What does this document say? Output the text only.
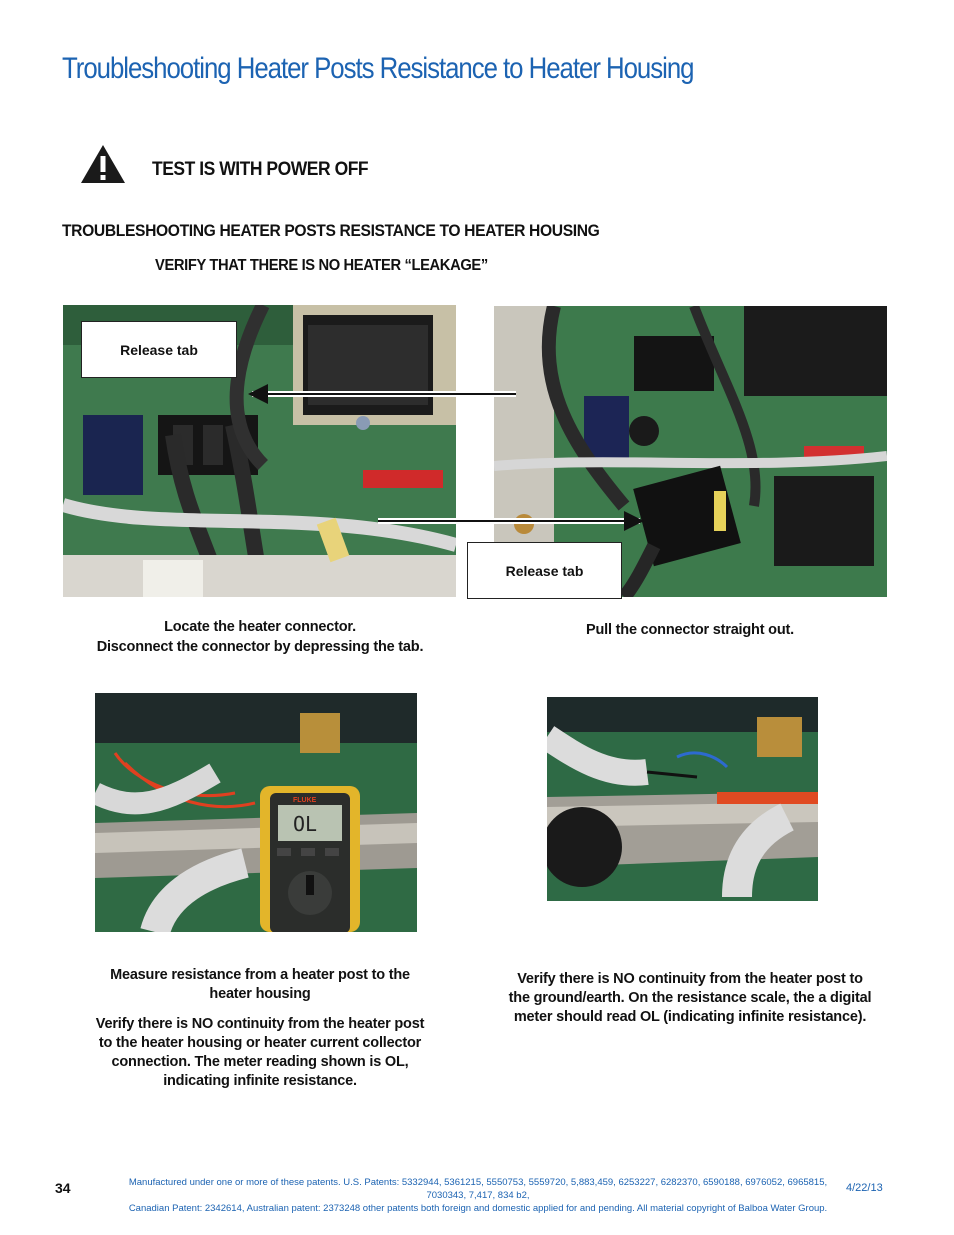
Troubleshooting Heater Posts Resistance to Heater Housing
TEST IS WITH POWER OFF
TROUBLESHOOTING HEATER POSTS RESISTANCE TO HEATER HOUSING
VERIFY THAT THERE IS NO HEATER “LEAKAGE”
Release tab
Release tab
Locate the heater connector.
Disconnect the connector by depressing the tab.
Pull the connector straight out.
OL
FLUKE
Measure resistance from a heater post to the
heater housing
Verify there is NO continuity from the heater post
to the heater housing or heater current collector
connection. The meter reading shown is OL,
indicating infinite resistance.
Verify there is NO continuity from the heater post to
the ground/earth. On the resistance scale, the a digital
meter should read OL (indicating infinite resistance).
34	Manufactured under one or more of these patents. U.S. Patents: 5332944, 5361215, 5550753, 5559720, 5,883,459, 6253227, 6282370, 6590188, 6976052, 6965815, 7030343, 7,417, 834 b2,
Canadian Patent: 2342614, Australian patent: 2373248 other patents both foreign and domestic applied for and pending. All material copyright of Balboa Water Group.
4/22/13
